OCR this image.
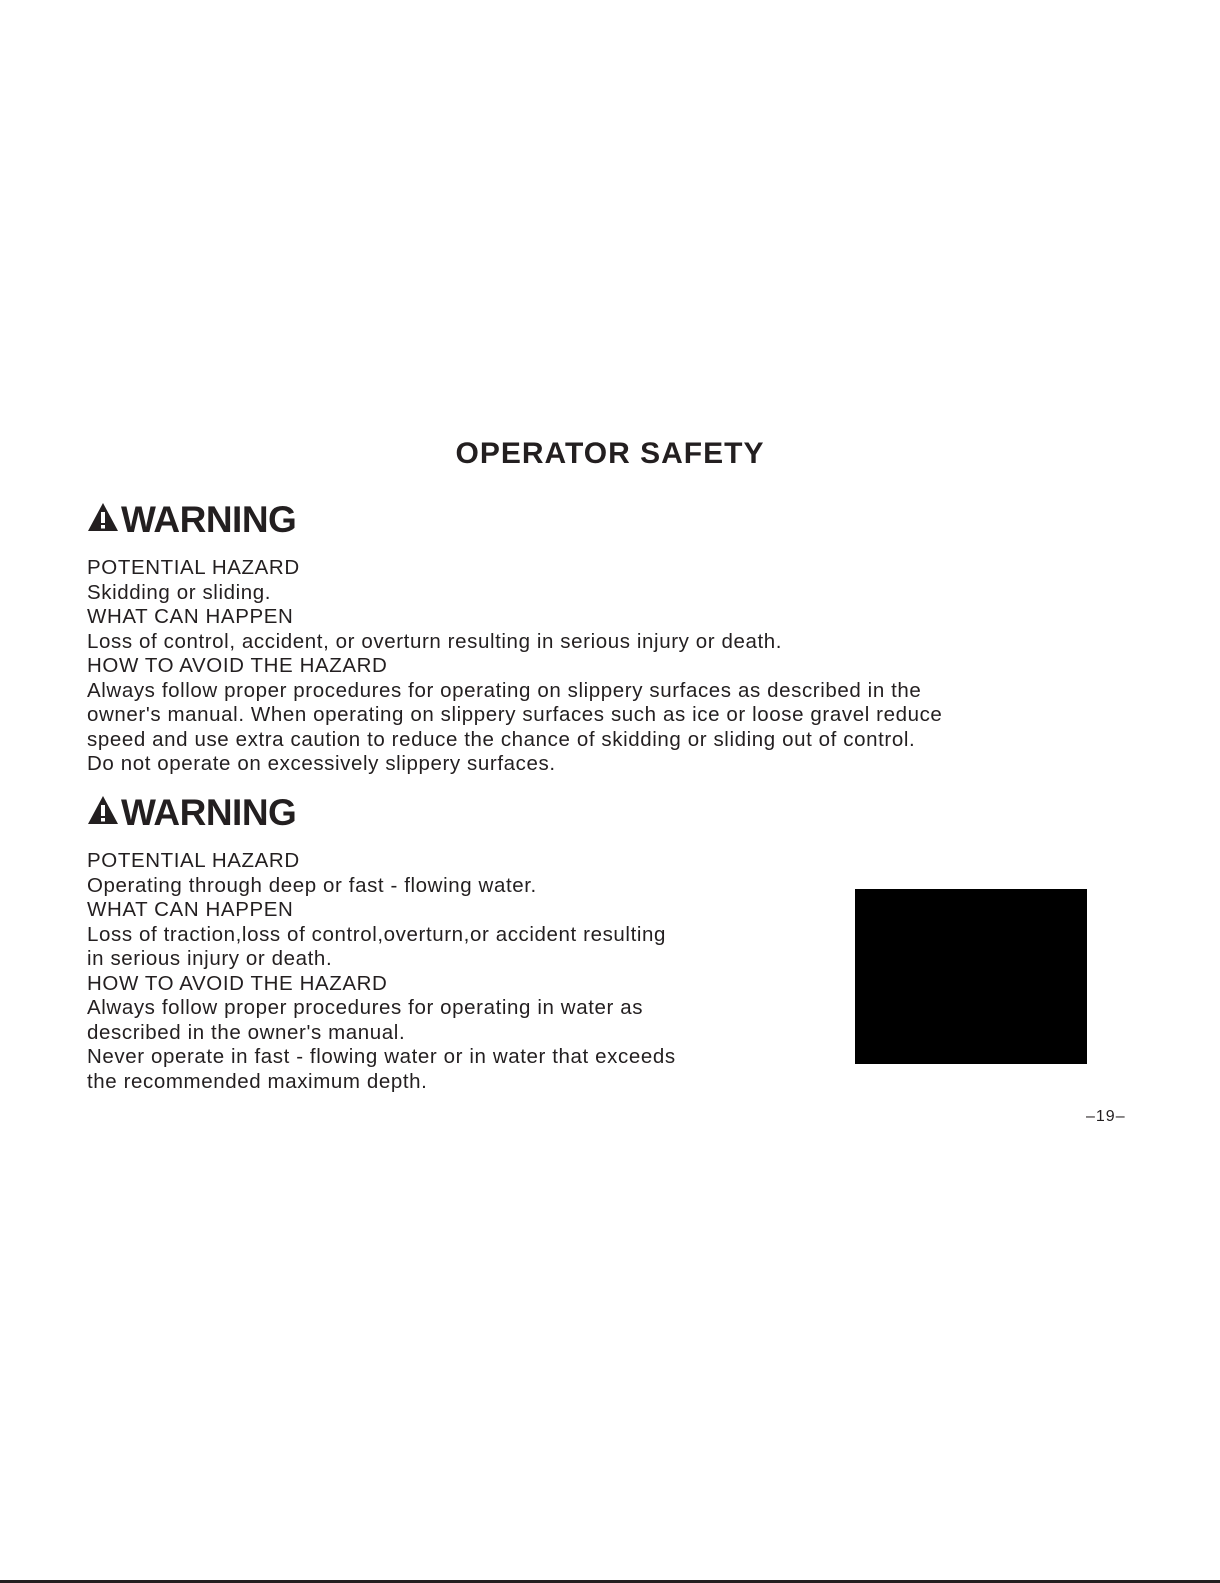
OPERATOR SAFETY
WARNING
POTENTIAL HAZARD
Skidding or sliding.
WHAT CAN HAPPEN
Loss of control, accident, or overturn resulting in serious injury or death.
HOW TO AVOID THE HAZARD
Always follow proper procedures for operating on slippery surfaces as described in the
owner's manual. When operating on slippery surfaces such as ice or loose gravel reduce
speed and use extra caution to reduce the chance of skidding or sliding out of control.
Do not operate on excessively slippery surfaces.
WARNING
POTENTIAL HAZARD
Operating through deep or fast - flowing water.
WHAT CAN HAPPEN
Loss of traction,loss of control,overturn,or accident resulting
in serious injury or death.
HOW TO AVOID THE HAZARD
Always follow proper procedures for operating in water as
described in the owner's manual.
Never operate in fast - flowing water or in water that exceeds
the recommended maximum depth.
–19–
